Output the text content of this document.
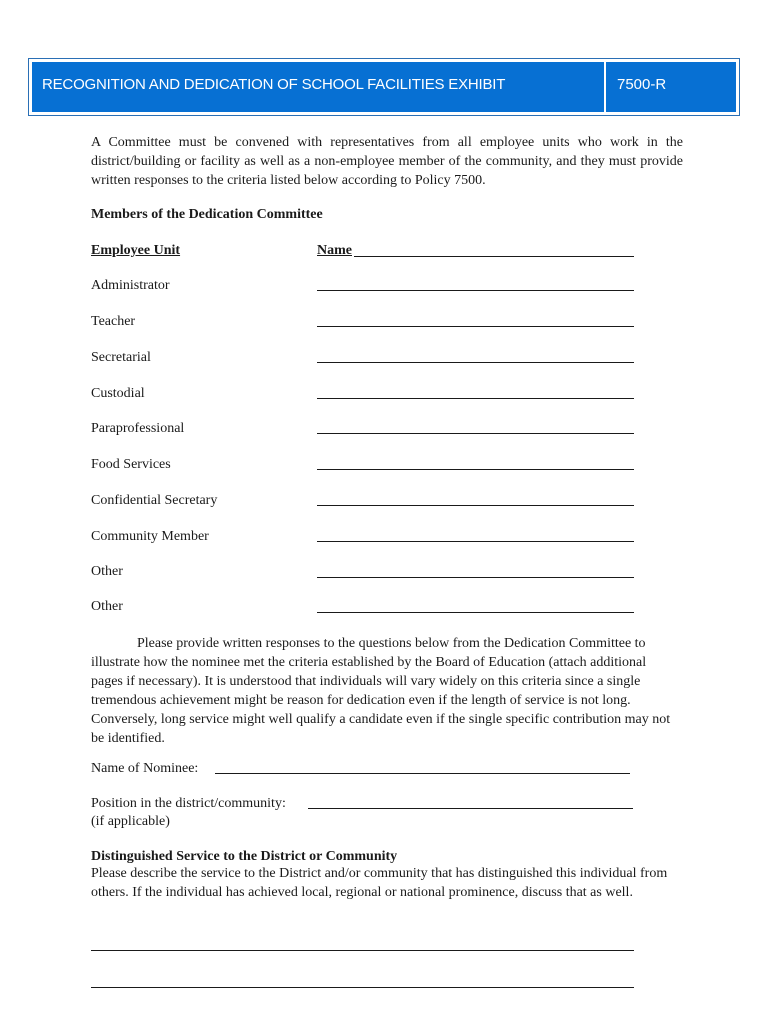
RECOGNITION AND DEDICATION OF SCHOOL FACILITIES EXHIBIT	7500-R

A Committee must be convened with representatives from all employee units who work in the district/building or facility as well as a non-employee member of the community, and they must provide written responses to the criteria listed below according to Policy 7500.

Members of the Dedication Committee
Employee Unit	Name
Administrator
Teacher
Secretarial
Custodial
Paraprofessional
Food Services
Confidential Secretary
Community Member
Other
Other

Please provide written responses to the questions below from the Dedication Committee to illustrate how the nominee met the criteria established by the Board of Education (attach additional pages if necessary). It is understood that individuals will vary widely on this criteria since a single tremendous achievement might be reason for dedication even if the length of service is not long. Conversely, long service might well qualify a candidate even if the single specific contribution may not be identified.

Name of Nominee:
Position in the district/community:
(if applicable)
Distinguished Service to the District or Community

Please describe the service to the District and/or community that has distinguished this individual from others. If the individual has achieved local, regional or national prominence, discuss that as well.
